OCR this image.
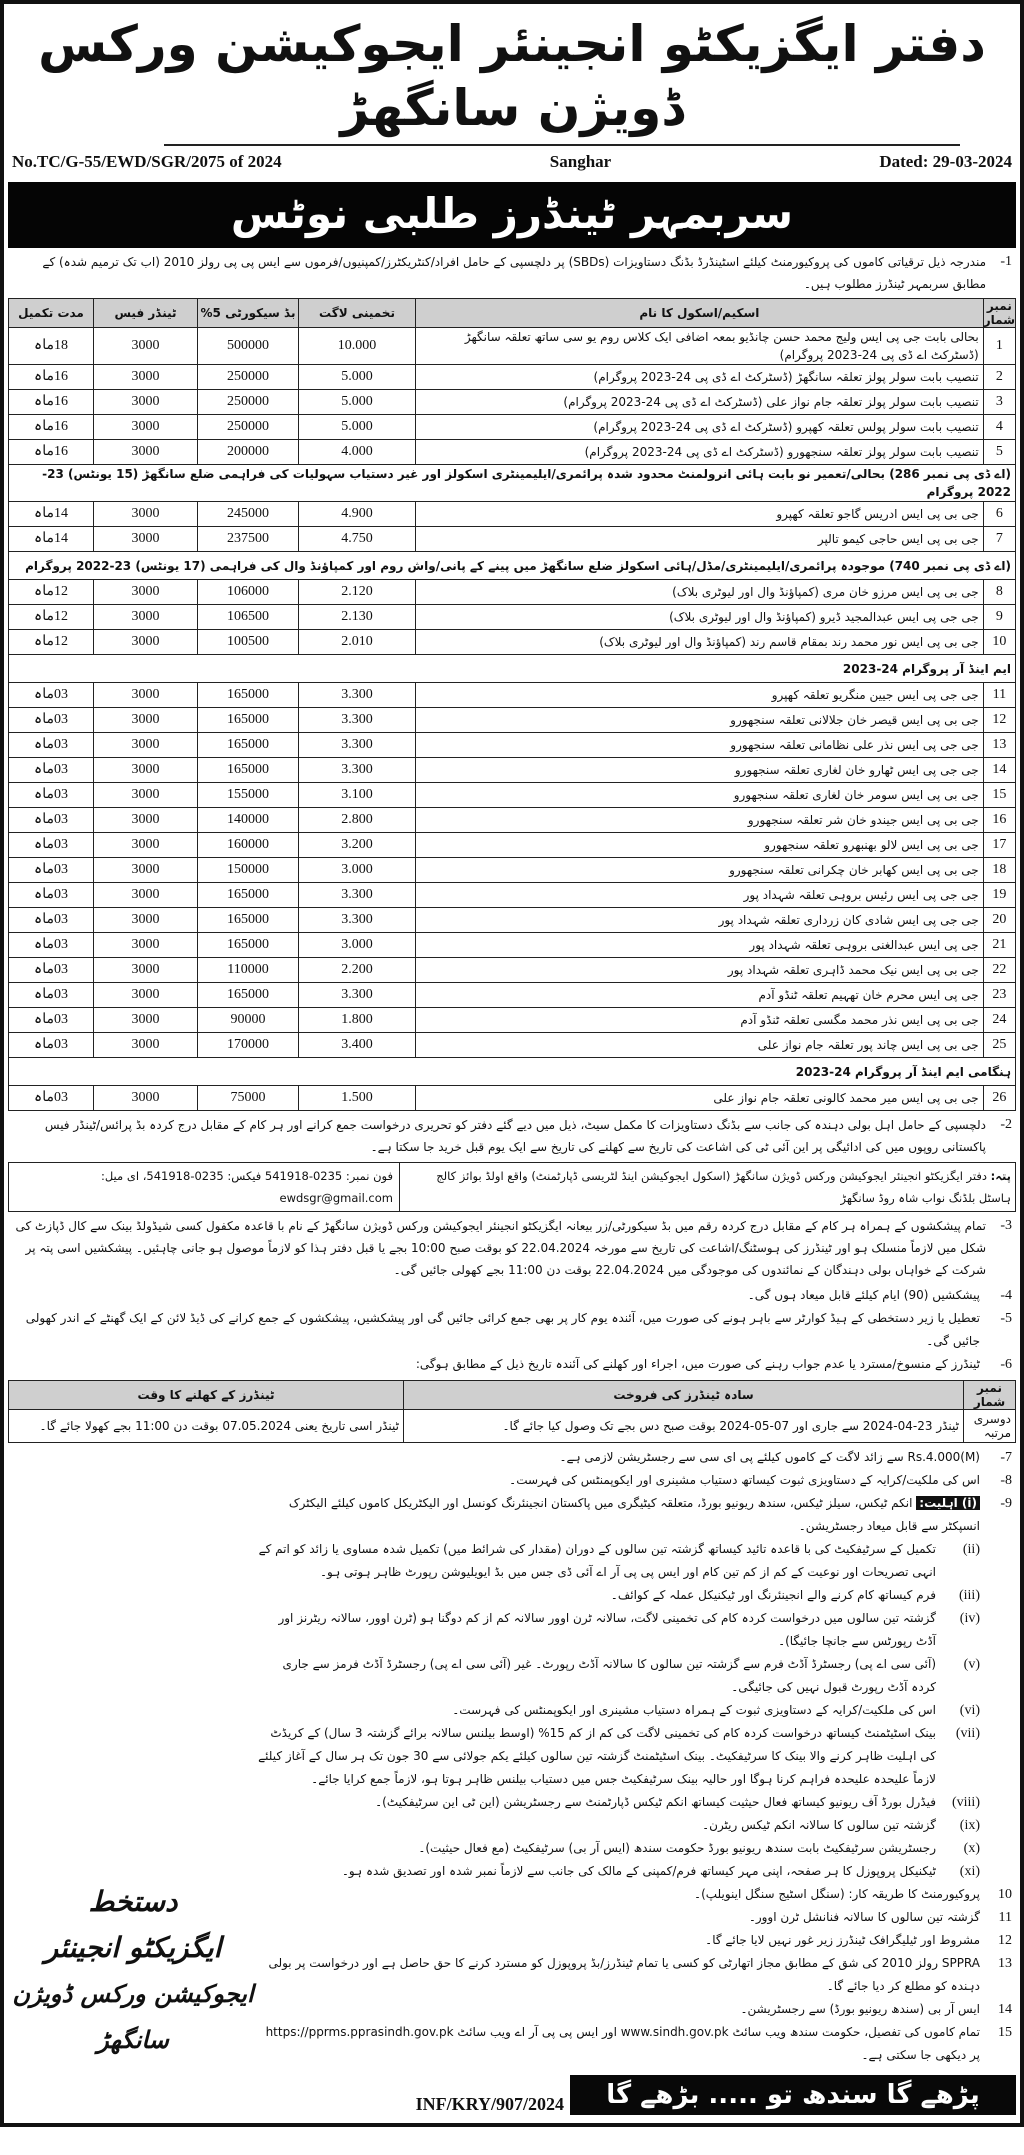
دفتر ایگزیکٹو انجینئر ایجوکیشن ورکس ڈویژن سانگھڑ
No.TC/G-55/EWD/SGR/2075 of 2024	Sanghar	Dated: 29-03-2024
سربمہر ٹینڈرز طلبی نوٹس
1-
مندرجہ ذیل ترقیاتی کاموں کی پروکیورمنٹ کیلئے اسٹینڈرڈ بڈنگ دستاویزات (SBDs) پر دلچسپی کے حامل افراد/کنٹریکٹرز/کمپنیوں/فرموں سے ایس پی پی رولز 2010 (اب تک ترمیم شدہ) کے مطابق سربمہر ٹینڈرز مطلوب ہیں۔
نمبر شمار	اسکیم/اسکول کا نام	تخمینی لاگت	بڈ سیکورٹی 5%	ٹینڈر فیس	مدت تکمیل
1	بحالی بابت جی پی ایس ولیج محمد حسن چانڈیو بمعہ اضافی ایک کلاس روم یو سی ساتھ تعلقہ سانگھڑ (ڈسٹرکٹ اے ڈی پی 24-2023 پروگرام)	10.000	500000	3000	18ماہ
2	تنصیب بابت سولر پولز تعلقہ سانگھڑ (ڈسٹرکٹ اے ڈی پی 24-2023 پروگرام)	5.000	250000	3000	16ماہ
3	تنصیب بابت سولر پولز تعلقہ جام نواز علی (ڈسٹرکٹ اے ڈی پی 24-2023 پروگرام)	5.000	250000	3000	16ماہ
4	تنصیب بابت سولر پولس تعلقہ کھپرو (ڈسٹرکٹ اے ڈی پی 24-2023 پروگرام)	5.000	250000	3000	16ماہ
5	تنصیب بابت سولر پولز تعلقہ سنجھورو (ڈسٹرکٹ اے ڈی پی 24-2023 پروگرام)	4.000	200000	3000	16ماہ
(اے ڈی پی نمبر 286) بحالی/تعمیر نو بابت ہائی انرولمنٹ محدود شدہ پرائمری/ایلیمینٹری اسکولز اور غیر دستیاب سہولیات کی فراہمی ضلع سانگھڑ (15 یونٹس) 23-2022 پروگرام					
6	جی بی پی ایس ادریس گاجو تعلقہ کھپرو	4.900	245000	3000	14ماہ
7	جی بی پی ایس حاجی کیمو تالپر	4.750	237500	3000	14ماہ
(اے ڈی پی نمبر 740) موجودہ پرائمری/ایلیمینٹری/مڈل/ہائی اسکولز ضلع سانگھڑ میں پینے کے پانی/واش روم اور کمپاؤنڈ وال کی فراہمی (17 یونٹس) 23-2022 پروگرام					
8	جی بی پی ایس مرزو خان مری (کمپاؤنڈ وال اور لیوٹری بلاک)	2.120	106000	3000	12ماہ
9	جی جی پی ایس عبدالمجید ڈیرو (کمپاؤنڈ وال اور لیوٹری بلاک)	2.130	106500	3000	12ماہ
10	جی بی پی ایس نور محمد رند بمقام قاسم رند (کمپاؤنڈ وال اور لیوٹری بلاک)	2.010	100500	3000	12ماہ
ایم اینڈ آر پروگرام 24-2023					
11	جی جی پی ایس جیین منگریو تعلقہ کھپرو	3.300	165000	3000	03ماہ
12	جی بی پی ایس قیصر خان جلالانی تعلقہ سنجھورو	3.300	165000	3000	03ماہ
13	جی جی پی ایس نذر علی نظامانی تعلقہ سنجھورو	3.300	165000	3000	03ماہ
14	جی جی پی ایس ٹھارو خان لغاری تعلقہ سنجھورو	3.300	165000	3000	03ماہ
15	جی بی پی ایس سومر خان لغاری تعلقہ سنجھورو	3.100	155000	3000	03ماہ
16	جی بی پی ایس جیندو خان شر تعلقہ سنجھورو	2.800	140000	3000	03ماہ
17	جی بی پی ایس لالو بھنبھرو تعلقہ سنجھورو	3.200	160000	3000	03ماہ
18	جی بی پی ایس کھابر خان چکرانی تعلقہ سنجھورو	3.000	150000	3000	03ماہ
19	جی جی پی ایس رئیس بروہی تعلقہ شہداد پور	3.300	165000	3000	03ماہ
20	جی جی پی ایس شادی کان زرداری تعلقہ شہداد پور	3.300	165000	3000	03ماہ
21	جی پی ایس عبدالغنی بروہی تعلقہ شہداد پور	3.000	165000	3000	03ماہ
22	جی بی پی ایس نیک محمد ڈاہری تعلقہ شہداد پور	2.200	110000	3000	03ماہ
23	جی پی ایس محرم خان تھہیم تعلقہ ٹنڈو آدم	3.300	165000	3000	03ماہ
24	جی بی پی ایس نذر محمد مگسی تعلقہ ٹنڈو آدم	1.800	90000	3000	03ماہ
25	جی بی پی ایس چاند پور تعلقہ جام نواز علی	3.400	170000	3000	03ماہ
ہنگامی ایم اینڈ آر پروگرام 24-2023					
26	جی بی پی ایس میر محمد کالونی تعلقہ جام نواز علی	1.500	75000	3000	03ماہ
2-
دلچسپی کے حامل اہل بولی دہندہ کی جانب سے بڈنگ دستاویزات کا مکمل سیٹ، ذیل میں دیے گئے دفتر کو تحریری درخواست جمع کرانے اور ہر کام کے مقابل درج کردہ بڈ پرائس/ٹینڈر فیس پاکستانی روپوں میں کی ادائیگی پر این آئی ٹی کی اشاعت کی تاریخ سے کھلنے کی تاریخ سے ایک یوم قبل خرید جا سکتا ہے۔
پتہ: دفتر ایگزیکٹو انجینئر ایجوکیشن ورکس ڈویژن سانگھڑ (اسکول ایجوکیشن اینڈ لٹریسی ڈپارٹمنٹ) واقع اولڈ بوائز کالج ہاسٹل بلڈنگ نواب شاہ روڈ سانگھڑ
فون نمبر: 0235-541918 فیکس: 0235-541918، ای میل: ewdsgr@gmail.com
3-
تمام پیشکشوں کے ہمراہ ہر کام کے مقابل درج کردہ رقم میں بڈ سیکورٹی/زر بیعانہ ایگزیکٹو انجینئر ایجوکیشن ورکس ڈویژن سانگھڑ کے نام با قاعدہ مکفول کسی شیڈولڈ بینک سے کال ڈپازٹ کی شکل میں لازماً منسلک ہو اور ٹینڈرز کی ہوسٹنگ/اشاعت کی تاریخ سے مورخہ 22.04.2024 کو بوقت صبح 10:00 بجے یا قبل دفتر ہذا کو لازماً موصول ہو جانی چاہئیں۔ پیشکشیں اسی پتہ پر شرکت کے خواہاں بولی دہندگان کے نمائندوں کی موجودگی میں 22.04.2024 بوقت دن 11:00 بجے کھولی جائیں گی۔
4-
پیشکشیں (90) ایام کیلئے قابل میعاد ہوں گی۔
5-
تعطیل یا زیر دستخطی کے ہیڈ کوارٹر سے باہر ہونے کی صورت میں، آئندہ یوم کار پر بھی جمع کرائی جائیں گی اور پیشکشیں، پیشکشوں کے جمع کرانے کی ڈیڈ لائن کے ایک گھنٹے کے اندر کھولی جائیں گی۔
6-
ٹینڈرز کے منسوخ/مسترد یا عدم جواب رہنے کی صورت میں، اجراء اور کھلنے کی آئندہ تاریخ ذیل کے مطابق ہوگی:
نمبر شمار	سادہ ٹینڈرز کی فروخت	ٹینڈرز کے کھلنے کا وقت
دوسری مرتبہ	ٹینڈر 23-04-2024 سے جاری اور 07-05-2024 بوقت صبح دس بجے تک وصول کیا جائے گا۔	ٹینڈر اسی تاریخ یعنی 07.05.2024 بوقت دن 11:00 بجے کھولا جائے گا۔
دستخط
ایگزیکٹو انجینئر
ایجوکیشن ورکس ڈویژن سانگھڑ
7-
Rs.4.000(M) سے زائد لاگت کے کاموں کیلئے پی ای سی سے رجسٹریشن لازمی ہے۔
8-
اس کی ملکیت/کرایہ کے دستاویزی ثبوت کیساتھ دستیاب مشینری اور ایکوپمنٹس کی فہرست۔
9-
(i) اہلیت: انکم ٹیکس، سیلز ٹیکس، سندھ ریونیو بورڈ، متعلقہ کیٹیگری میں پاکستان انجینئرنگ کونسل اور الیکٹریکل کاموں کیلئے الیکٹرک انسپکٹر سے قابل میعاد رجسٹریشن۔
(ii)
تکمیل کے سرٹیفکیٹ کی با قاعدہ تائید کیساتھ گزشتہ تین سالوں کے دوران (مقدار کی شرائط میں) تکمیل شدہ مساوی یا زائد کو اتم کے انہی تصریحات اور نوعیت کے کم از کم تین کام اور ایس پی پی آر اے آئی ڈی جس میں بڈ ایویلیوشن رپورٹ ظاہر ہوتی ہو۔
(iii)
فرم کیساتھ کام کرنے والے انجینئرنگ اور ٹیکنیکل عملہ کے کوائف۔
(iv)
گزشتہ تین سالوں میں درخواست کردہ کام کی تخمینی لاگت، سالانہ ٹرن اوور سالانہ کم از کم دوگنا ہو (ٹرن اوور، سالانہ ریٹرنز اور آڈٹ رپورٹس سے جانچا جائیگا)۔
(v)
(آئی سی اے پی) رجسٹرڈ آڈٹ فرم سے گزشتہ تین سالوں کا سالانہ آڈٹ رپورٹ۔ غیر (آئی سی اے پی) رجسٹرڈ آڈٹ فرمز سے جاری کردہ آڈٹ رپورٹ قبول نہیں کی جائیگی۔
(vi)
اس کی ملکیت/کرایہ کے دستاویزی ثبوت کے ہمراہ دستیاب مشینری اور ایکوپمنٹس کی فہرست۔
(vii)
بینک اسٹیٹمنٹ کیساتھ درخواست کردہ کام کی تخمینی لاگت کی کم از کم 15% (اوسط بیلنس سالانہ برائے گزشتہ 3 سال) کے کریڈٹ کی اہلیت ظاہر کرنے والا بینک کا سرٹیفکیٹ۔ بینک اسٹیٹمنٹ گزشتہ تین سالوں کیلئے یکم جولائی سے 30 جون تک ہر سال کے آغاز کیلئے لازماً علیحدہ علیحدہ فراہم کرنا ہوگا اور حالیہ بینک سرٹیفکیٹ جس میں دستیاب بیلنس ظاہر ہوتا ہو، لازماً جمع کرایا جائے۔
(viii)
فیڈرل بورڈ آف ریونیو کیساتھ فعال حیثیت کیساتھ انکم ٹیکس ڈپارٹمنٹ سے رجسٹریشن (این ٹی این سرٹیفکیٹ)۔
(ix)
گزشتہ تین سالوں کا سالانہ انکم ٹیکس ریٹرن۔
(x)
رجسٹریشن سرٹیفکیٹ بابت سندھ ریونیو بورڈ حکومت سندھ (ایس آر بی) سرٹیفکیٹ (مع فعال حیثیت)۔
(xi)
ٹیکنیکل پروپوزل کا ہر صفحہ، اپنی مہر کیساتھ فرم/کمپنی کے مالک کی جانب سے لازماً نمبر شدہ اور تصدیق شدہ ہو۔
10
پروکیورمنٹ کا طریقہ کار: (سنگل اسٹیج سنگل اینویلپ)۔
11
گزشتہ تین سالوں کا سالانہ فنانشل ٹرن اوور۔
12
مشروط اور ٹیلیگرافک ٹینڈرز زیر غور نہیں لایا جائے گا۔
13
SPPRA رولز 2010 کی شق کے مطابق مجاز اتھارٹی کو کسی یا تمام ٹینڈرز/بڈ پروپوزل کو مسترد کرنے کا حق حاصل ہے اور درخواست پر بولی دہندہ کو مطلع کر دیا جائے گا۔
14
ایس آر بی (سندھ ریونیو بورڈ) سے رجسٹریشن۔
15
تمام کاموں کی تفصیل، حکومت سندھ ویب سائٹ www.sindh.gov.pk اور ایس پی پی آر اے ویب سائٹ https://pprms.pprasindh.gov.pk پر دیکھی جا سکتی ہے۔
INF/KRY/907/2024	پڑھے گا سندھ تو ..... بڑھے گا سندھ
